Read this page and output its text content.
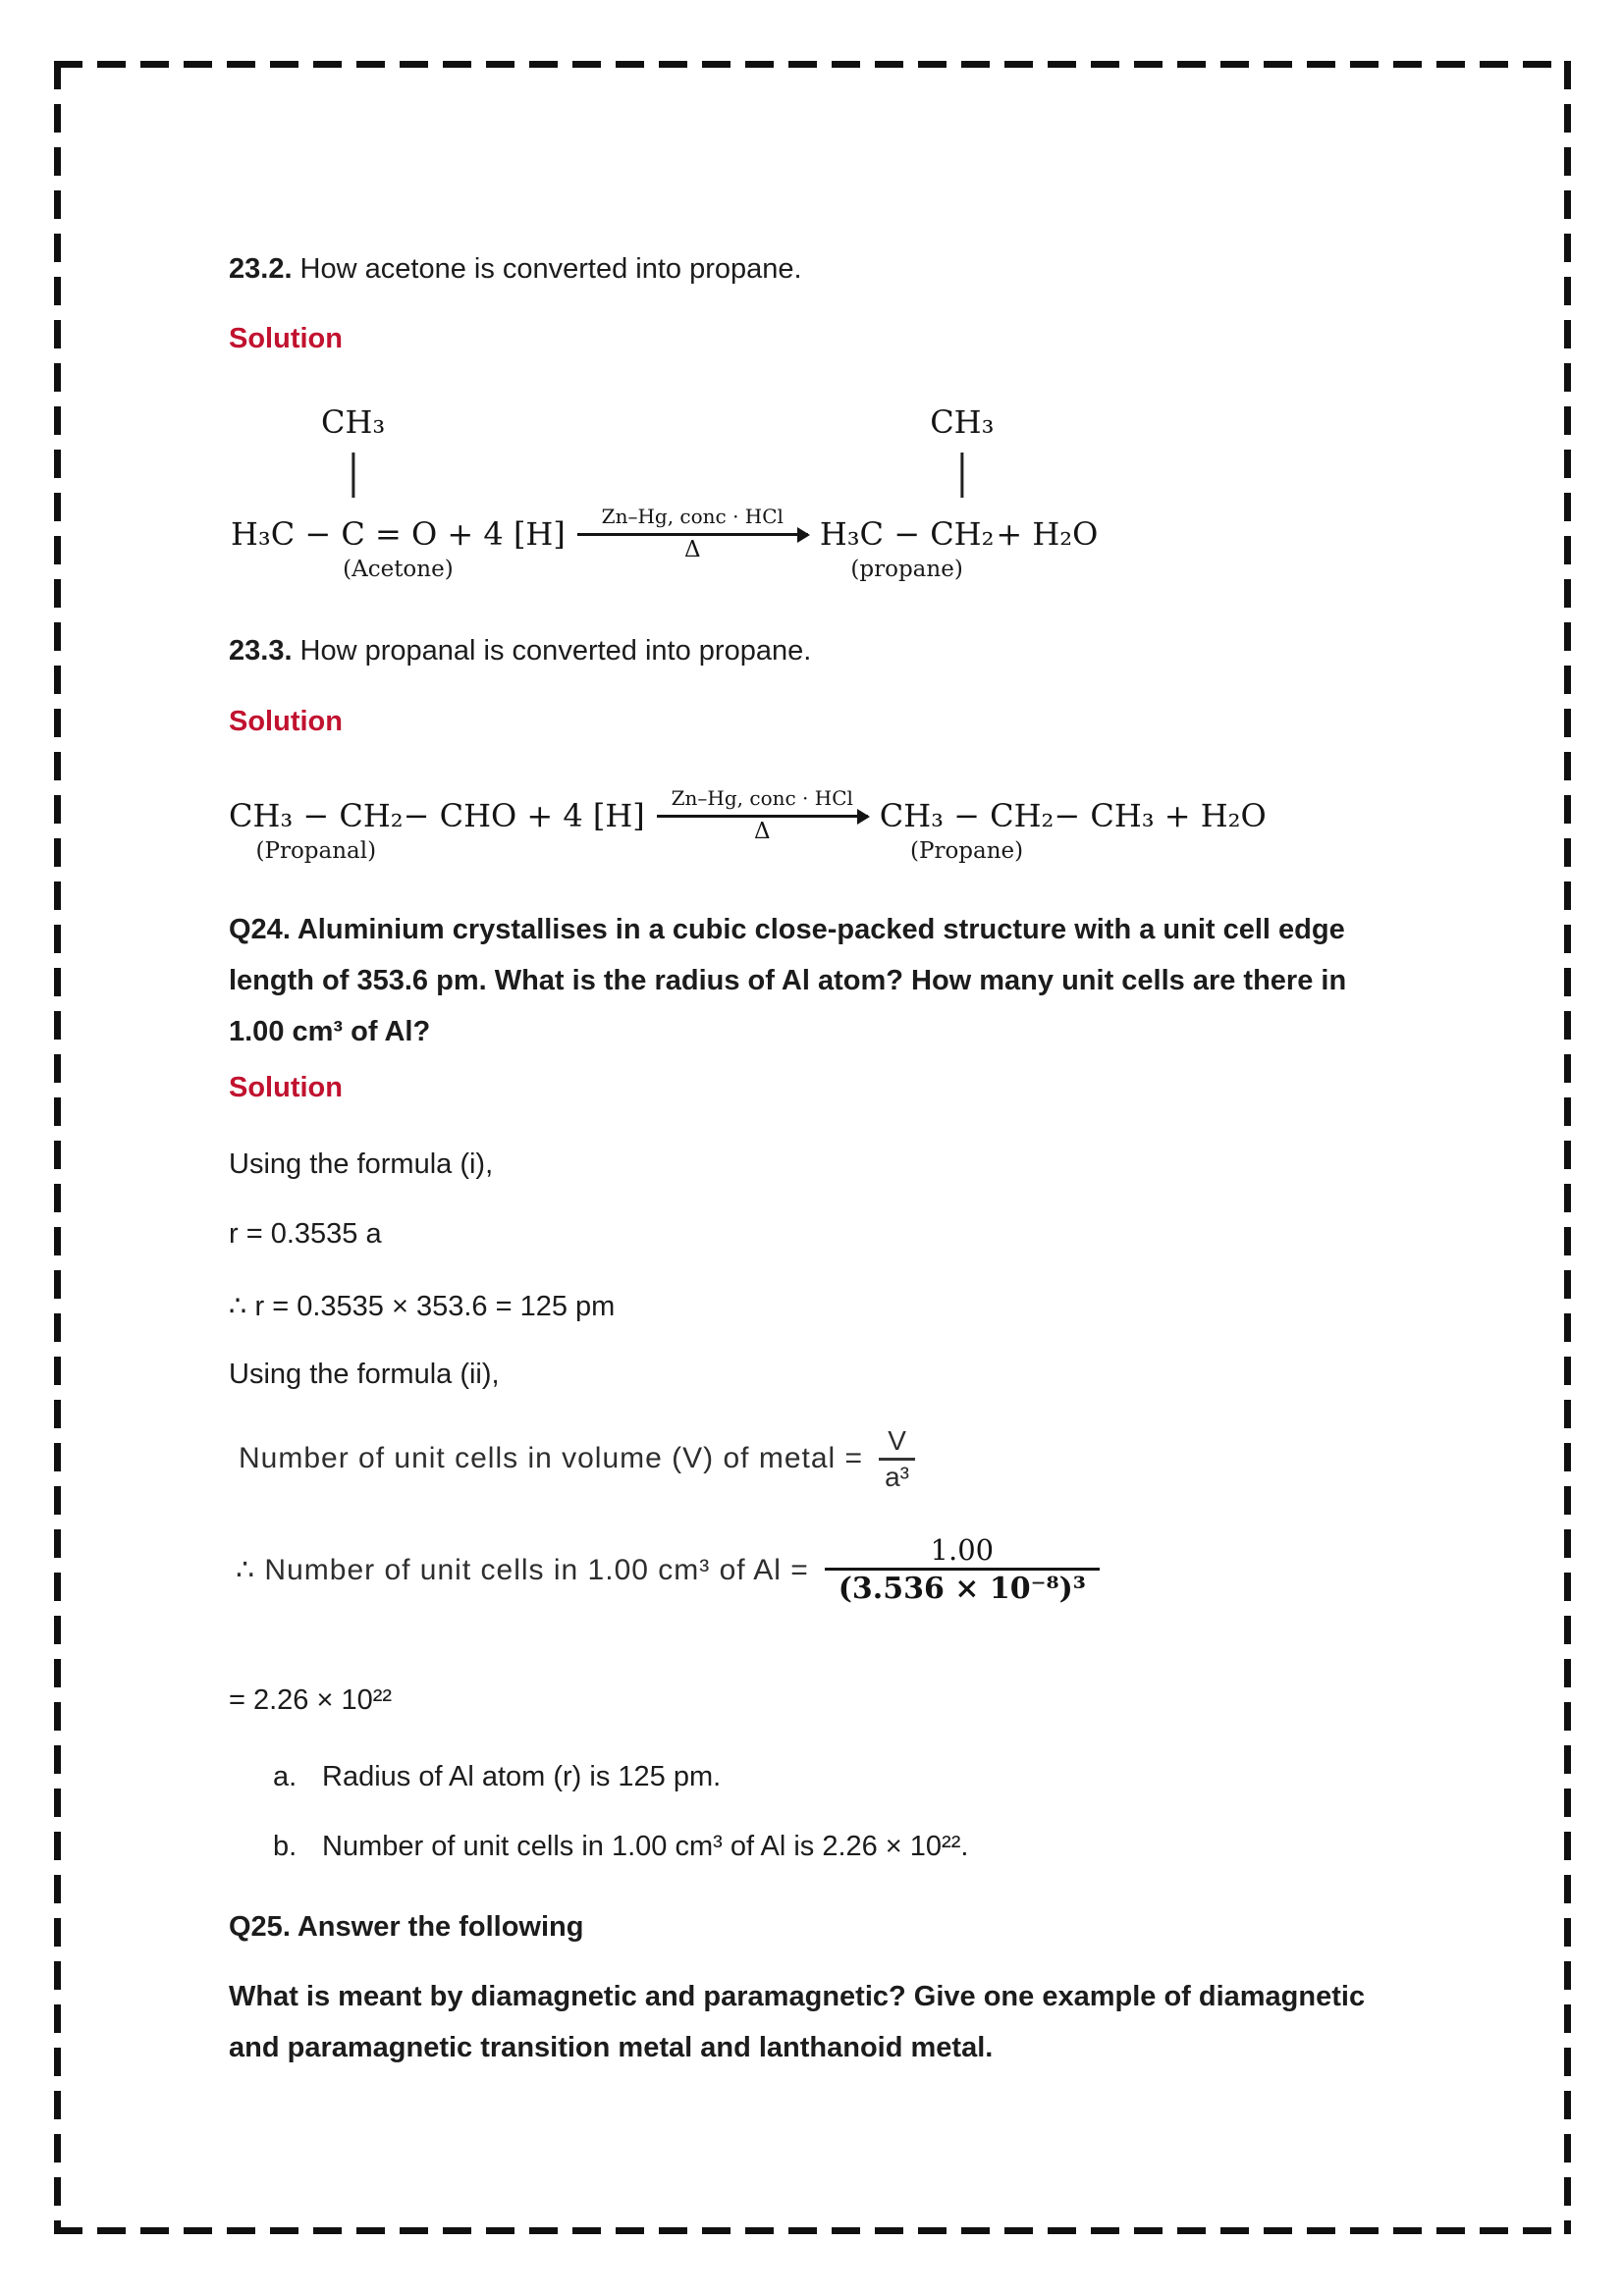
23.2. How acetone is converted into propane.
Solution
H₃C −
CH₃
C = O + 4 [H]
(Acetone)
Zn–Hg, conc · HCl
Δ	H₃C −
CH₃
CH₂
(propane)
+ H₂O
23.3. How propanal is converted into propane.
Solution
CH₃ − CH₂
(Propanal)
− CHO + 4 [H]	Zn–Hg, conc · HCl
Δ	CH₃ − CH₂
(Propane)
− CH₃ + H₂O
Q24. Aluminium crystallises in a cubic close-packed structure with a unit cell edge
length of 353.6 pm. What is the radius of Al atom? How many unit cells are there in
1.00 cm³ of Al?
Solution
Using the formula (i),
r = 0.3535 a
∴ r = 0.3535 × 353.6 = 125 pm
Using the formula (ii),
Number of unit cells in volume (V) of metal = $\frac{V}{\text{a³}}$
∴ Number of unit cells in 1.00 cm³ of $Al = \frac{1.00}{\text{(3.536 × 10⁻⁸)³}}$
= 2.26 × 10²²
a. Radius of Al atom (r) is 125 pm.
b. Number of unit cells in 1.00 cm³ of Al is 2.26 × 10²².
Q25. Answer the following
What is meant by diamagnetic and paramagnetic? Give one example of diamagnetic
and paramagnetic transition metal and lanthanoid metal.
